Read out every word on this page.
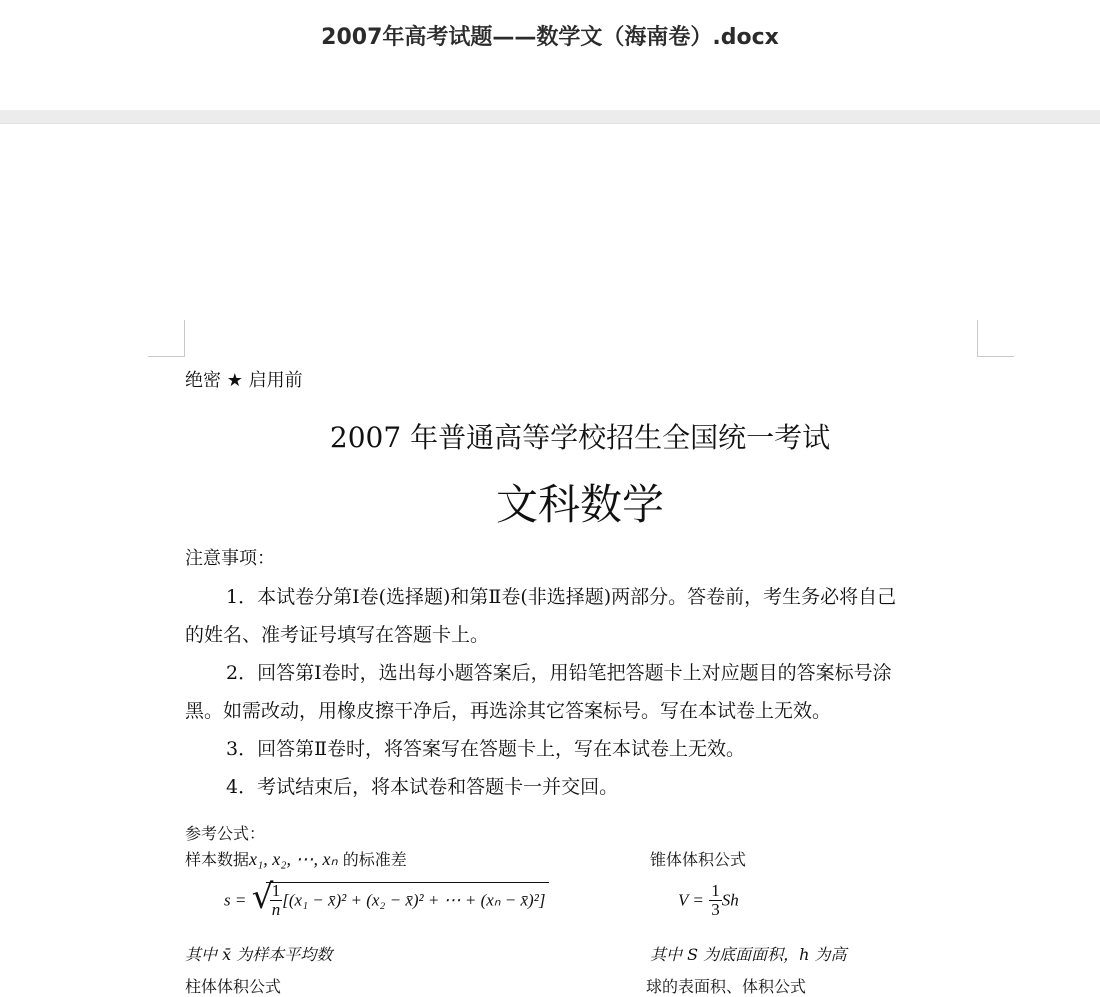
2007年高考试题——数学文（海南卷）.docx
绝密 ★ 启用前
2007 年普通高等学校招生全国统一考试
文科数学
注意事项：
1．本试卷分第Ⅰ卷(选择题)和第Ⅱ卷(非选择题)两部分。答卷前，考生务必将自己
的姓名、准考证号填写在答题卡上。
2．回答第Ⅰ卷时，选出每小题答案后，用铅笔把答题卡上对应题目的答案标号涂
黑。如需改动，用橡皮擦干净后，再选涂其它答案标号。写在本试卷上无效。
3．回答第Ⅱ卷时，将答案写在答题卡上，写在本试卷上无效。
4．考试结束后，将本试卷和答题卡一并交回。
参考公式：
样本数据x₁, x₂, ⋯, xₙ 的标准差
s = √
$\frac{1}{n} [(x_1$ − x̄)² + (x₂ − x̄)² + ⋯ + (xₙ − x̄)²]
其中 x̄ 为样本平均数
锥体体积公式
$V = \frac{1}{3}$ Sh
其中 S 为底面面积，h 为高
柱体体积公式	球的表面积、体积公式
